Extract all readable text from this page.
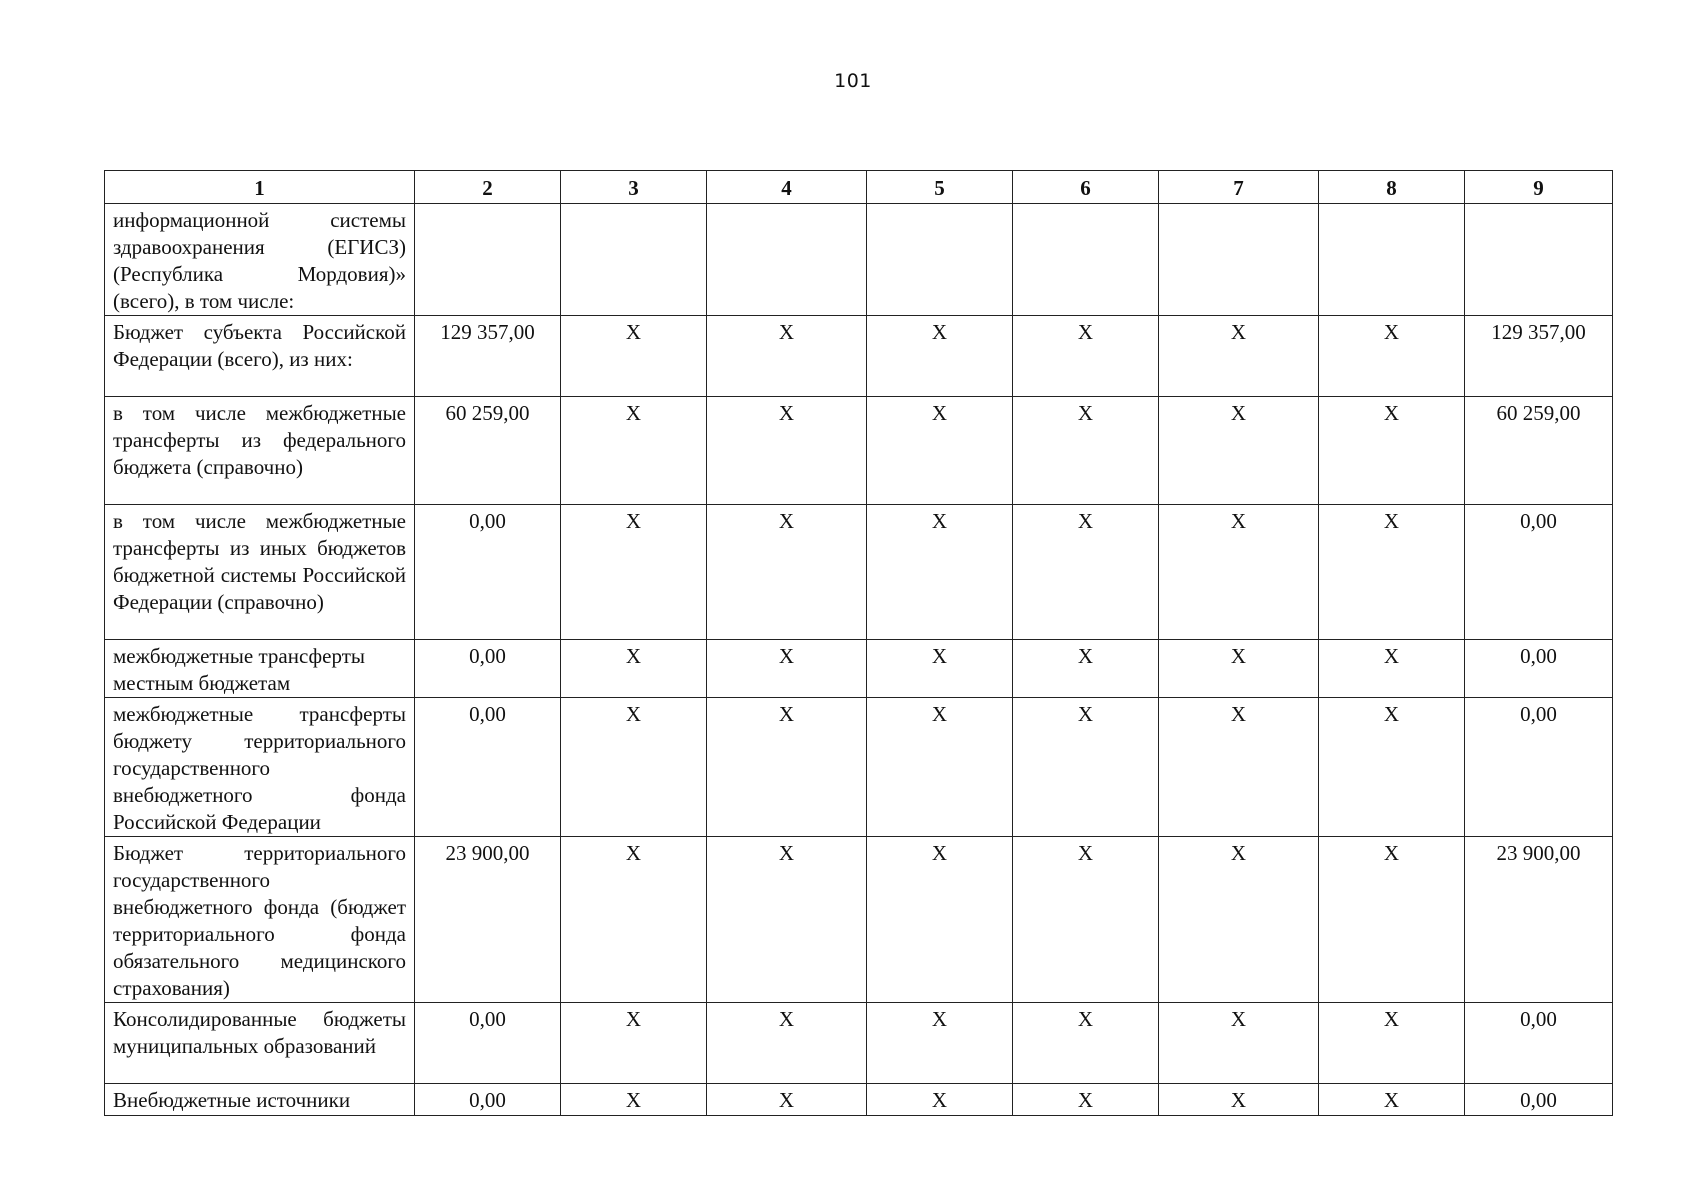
101
1	2	3	4	5	6	7	8	9
информационной системы здравоохранения (ЕГИСЗ) (Республика Мордовия)» (всего), в том числе:								
Бюджет субъекта Российской Федерации (всего), из них:	129 357,00	X	X	X	X	X	X	129 357,00
в том числе межбюджетные трансферты из федерального бюджета (справочно)	60 259,00	X	X	X	X	X	X	60 259,00
в том числе межбюджетные трансферты из иных бюджетов бюджетной системы Российской Федерации (справочно)	0,00	X	X	X	X	X	X	0,00
межбюджетные трансферты местным бюджетам	0,00	X	X	X	X	X	X	0,00
межбюджетные трансферты бюджету территориального государственного внебюджетного фонда Российской Федерации	0,00	X	X	X	X	X	X	0,00
Бюджет территориального государственного внебюджетного фонда (бюджет территориального фонда обязательного медицинского страхования)	23 900,00	X	X	X	X	X	X	23 900,00
Консолидированные бюджеты муниципальных образований	0,00	X	X	X	X	X	X	0,00
Внебюджетные источники	0,00	X	X	X	X	X	X	0,00
